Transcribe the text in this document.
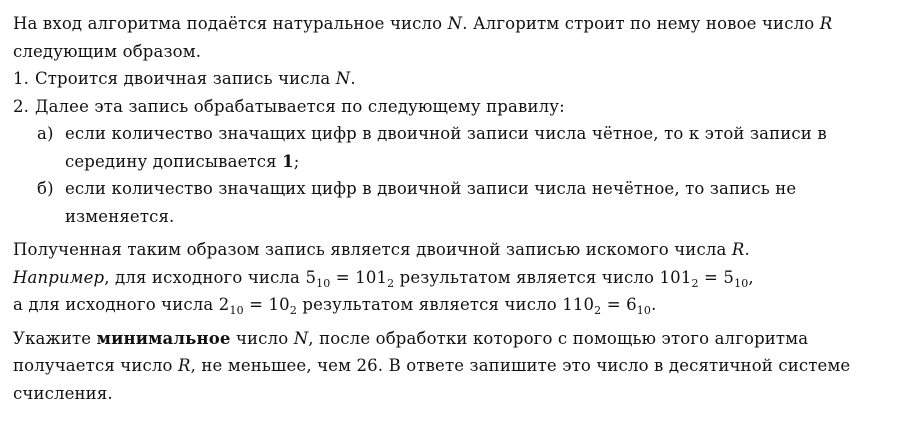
На вход алгоритма подаётся натуральное число N. Алгоритм строит по нему новое число R следующим образом.

1. Строится двоичная запись числа N.
2. Далее эта запись обрабатывается по следующему правилу:
а) если количество значащих цифр в двоичной записи числа чётное, то к этой записи в середину дописывается 1;
б) если количество значащих цифр в двоичной записи числа нечётное, то запись не изменяется.

Полученная таким образом запись является двоичной записью искомого числа R.

Например, для исходного числа $5_{10} = 101_2$ результатом является число $101_2 = 5_{10}$,
а для исходного числа $2_{10} = 10_2$ результатом является число $110_2 = 6_{10}$.

Укажите минимальное число N, после обработки которого с помощью этого алгоритма получается число R, не меньшее, чем 26. В ответе запишите это число в десятичной системе счисления.
